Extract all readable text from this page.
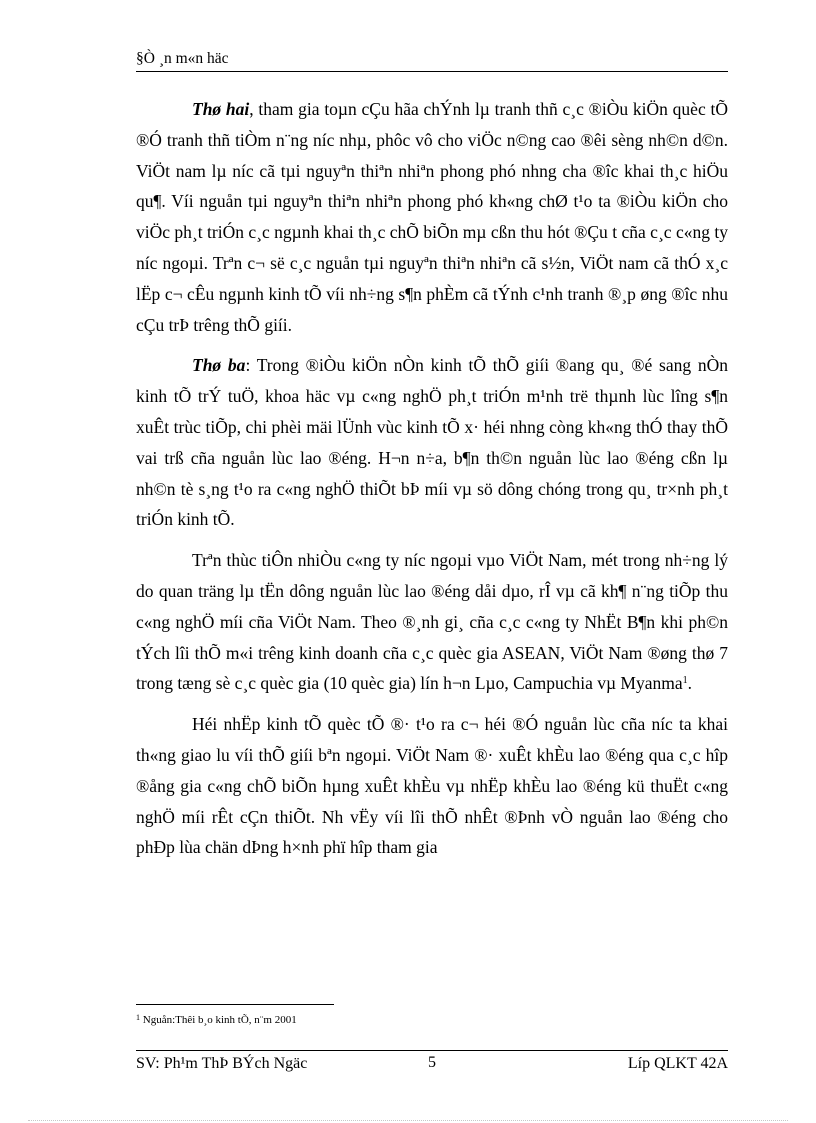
§Ò ¸n m«n häc

Thø hai, tham gia toµn cÇu hãa chÝnh lµ tranh thñ c¸c ®iÒu kiÖn quèc tÕ ®Ó tranh thñ tiÒm n¨ng níc nhµ, phôc vô cho viÖc n©ng cao ®êi sèng nh©n d©n. ViÖt nam lµ níc cã tµi nguyªn thiªn nhiªn phong phó nhng cha ®îc khai th¸c hiÖu qu¶. Víi nguån tµi nguyªn thiªn nhiªn phong phó kh«ng chØ t¹o ta ®iÒu kiÖn cho viÖc ph¸t triÓn c¸c ngµnh khai th¸c chÕ biÕn mµ cßn thu hót ®Çu t cña c¸c c«ng ty níc ngoµi. Trªn c¬ së c¸c nguån tµi nguyªn thiªn nhiªn cã s½n, ViÖt nam cã thÓ x¸c lËp c¬ cÊu ngµnh kinh tÕ víi nh÷ng s¶n phÈm cã tÝnh c¹nh tranh ®¸p øng ®îc nhu cÇu trÞ trêng thÕ giíi.

Thø ba: Trong ®iÒu kiÖn nÒn kinh tÕ thÕ giíi ®ang qu¸ ®é sang nÒn kinh tÕ trÝ tuÖ, khoa häc vµ c«ng nghÖ ph¸t triÓn m¹nh trë thµnh lùc lîng s¶n xuÊt trùc tiÕp, chi phèi mäi lÜnh vùc kinh tÕ x· héi nhng còng kh«ng thÓ thay thÕ vai trß cña nguån lùc lao ®éng. H¬n n÷a, b¶n th©n nguån lùc lao ®éng cßn lµ nh©n tè s¸ng t¹o ra c«ng nghÖ thiÕt bÞ míi vµ sö dông chóng trong qu¸ tr×nh ph¸t triÓn kinh tÕ.

Trªn thùc tiÔn nhiÒu c«ng ty níc ngoµi vµo ViÖt Nam, mét trong nh÷ng lý do quan träng lµ tËn dông nguån lùc lao ®éng dåi dµo, rÎ vµ cã kh¶ n¨ng tiÕp thu c«ng nghÖ míi cña ViÖt Nam. Theo ®¸nh gi¸ cña c¸c c«ng ty NhËt B¶n khi ph©n tÝch lîi thÕ m«i trêng kinh doanh cña c¸c quèc gia ASEAN, ViÖt Nam ®øng thø 7 trong tæng sè c¸c quèc gia (10 quèc gia) lín h¬n Lµo, Campuchia vµ Myanma$^1$.

Héi nhËp kinh tÕ quèc tÕ ®· t¹o ra c¬ héi ®Ó nguån lùc cña níc ta khai th«ng giao lu víi thÕ giíi bªn ngoµi. ViÖt Nam ®· xuÊt khÈu lao ®éng qua c¸c hîp ®ång gia c«ng chÕ biÕn hµng xuÊt khÈu vµ nhËp khÈu lao ®éng kü thuËt c«ng nghÖ míi rÊt cÇn thiÕt. Nh vËy víi lîi thÕ nhÊt ®Þnh vÒ nguån lao ®éng cho phÐp lùa chän dÞng h×nh phï hîp tham gia

$^1$ Nguån:Thêi b¸o kinh tÕ, n¨m 2001
SV: Ph¹m ThÞ BÝch Ngäc	5	Líp QLKT 42A
